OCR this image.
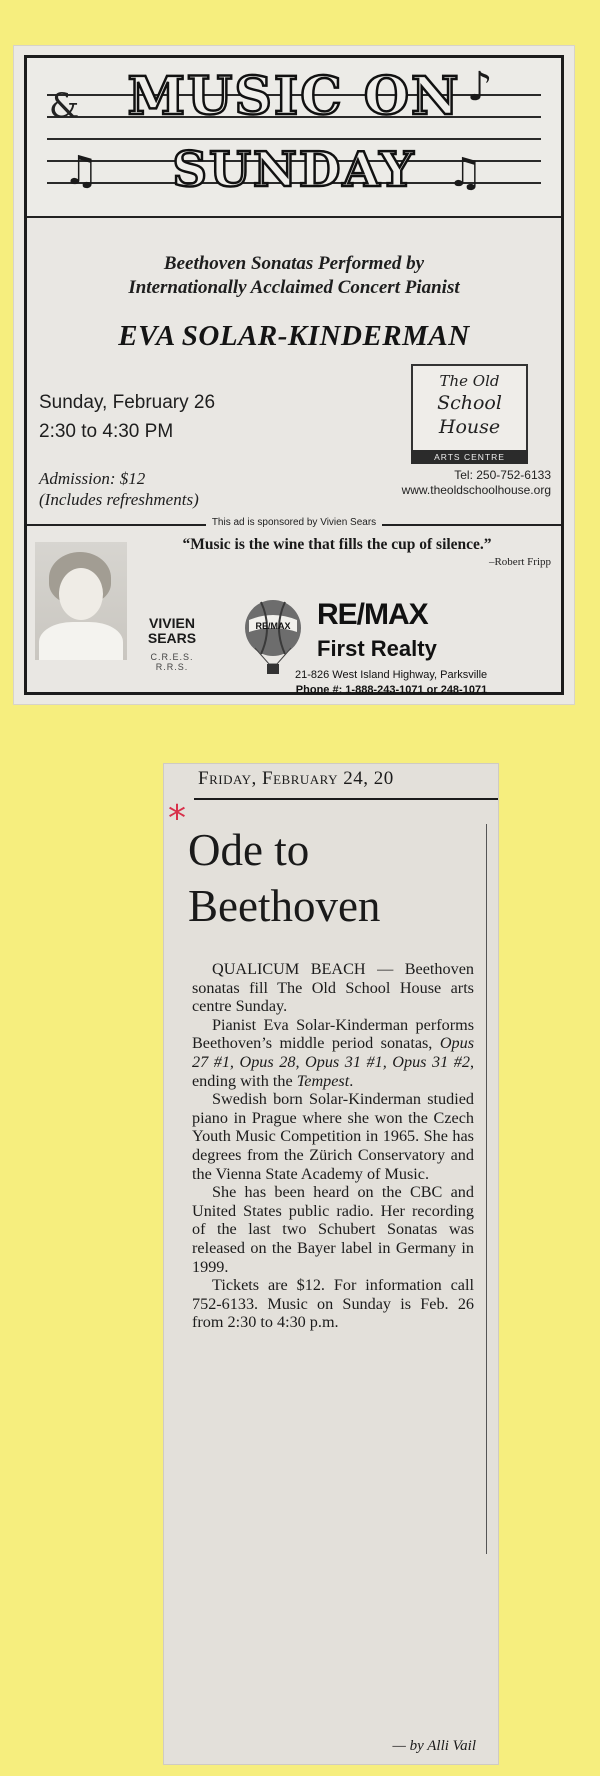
&	♪
♫	♫
MUSIC ON
SUNDAY
Beethoven Sonatas Performed by
Internationally Acclaimed Concert Pianist
EVA SOLAR-KINDERMAN
Sunday, February 26
2:30 to 4:30 PM
Admission: $12
(Includes refreshments)
The Old
School
House
ARTS CENTRE
Tel: 250-752-6133
www.theoldschoolhouse.org
This ad is sponsored by Vivien Sears
“Music is the wine that fills the cup of silence.”
–Robert Fripp
VIVIEN
SEARS
C.R.E.S. R.R.S.
RE/MAX RE/MAX
First Realty
21-826 West Island Highway, Parksville
Phone #: 1-888-243-1071 or 248-1071
Friday, February 24, 20
*
Ode to
Beethoven

QUALICUM BEACH — Beethoven sonatas fill The Old School House arts centre Sunday.

Pianist Eva Solar-Kinderman performs Beethoven’s middle period sonatas, Opus 27 #1, Opus 28, Opus 31 #1, Opus 31 #2, ending with the Tempest.

Swedish born Solar-Kinderman studied piano in Prague where she won the Czech Youth Music Competition in 1965. She has degrees from the Zürich Conservatory and the Vienna State Academy of Music.

She has been heard on the CBC and United States public radio. Her recording of the last two Schubert Sonatas was released on the Bayer label in Germany in 1999.

Tickets are $12. For information call 752-6133. Music on Sunday is Feb. 26 from 2:30 to 4:30 p.m.

— by Alli Vail
